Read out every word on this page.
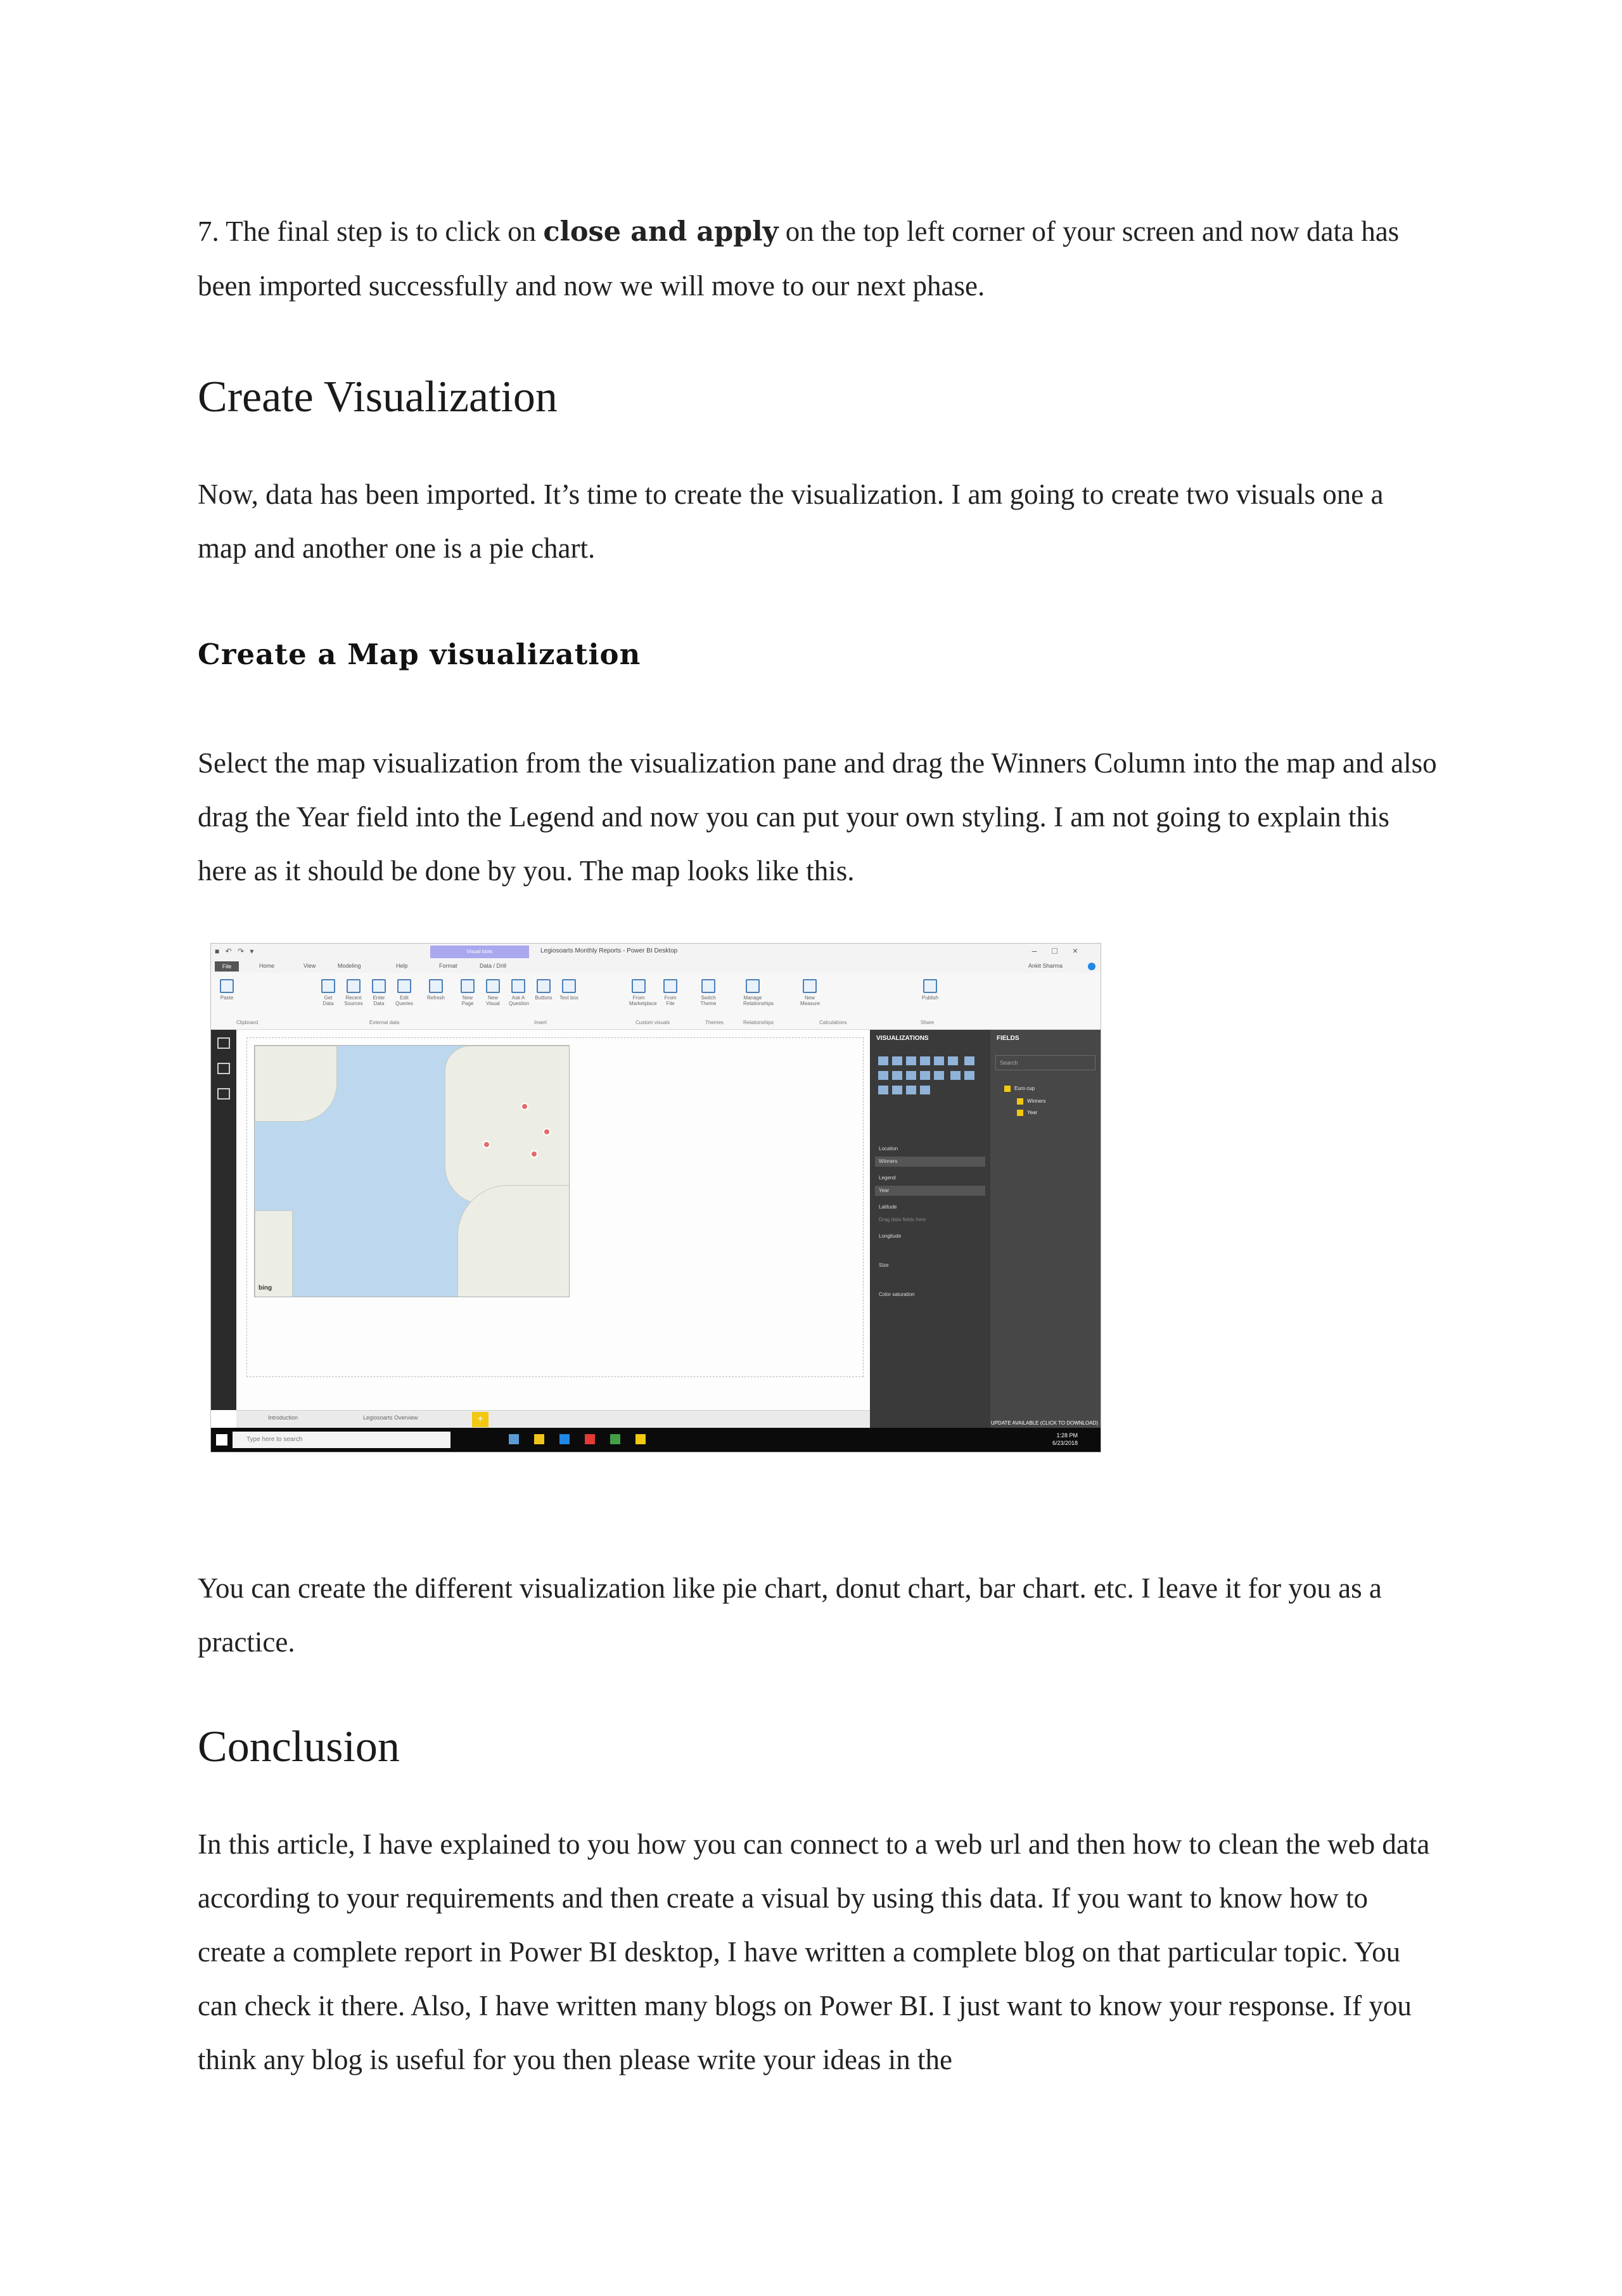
7. The final step is to click on close and apply on the top left corner of your screen and now data has been imported successfully and now we will move to our next phase.

Create Visualization

Now, data has been imported. It’s time to create the visualization. I am going to create two visuals one a map and another one is a pie chart.

Create a Map visualization

Select the map visualization from the visualization pane and drag the Winners Column into the map and also drag the Year field into the Legend and now you can put your own styling. I am not going to explain this here as it should be done by you. The map looks like this.

■ ↶ ↷ ▾	Visual tools	Legiosoarts Monthly Reports - Power BI Desktop	–□×
File	Home	View	Modeling	Help	Format	Data / Drill	Ankit Sharma
Paste	Get Data
Recent Sources
Enter Data
Edit Queries
Refresh	New Page
New Visual
Ask A Question
Buttons Text box	From Marketplace
From File
Switch Theme
Manage Relationships
New Measure
Publish
Clipboard	External data	Insert	Custom visuals	Themes	Relationships	Calculations	Share
bing
Introduction	Legiosoarts Overview	+
VISUALIZATIONS

Location
Winners
Legend
Year
Latitude
Drag data fields here
Longitude
Size
Color saturation
FIELDS
Search
Euro cup
Winners
Year
UPDATE AVAILABLE (CLICK TO DOWNLOAD)
Type here to search
1:28 PM
6/23/2018

You can create the different visualization like pie chart, donut chart, bar chart. etc. I leave it for you as a practice.

Conclusion

In this article, I have explained to you how you can connect to a web url and then how to clean the web data according to your requirements and then create a visual by using this data. If you want to know how to create a complete report in Power BI desktop, I have written a complete blog on that particular topic. You can check it there. Also, I have written many blogs on Power BI. I just want to know your response. If you think any blog is useful for you then please write your ideas in the
